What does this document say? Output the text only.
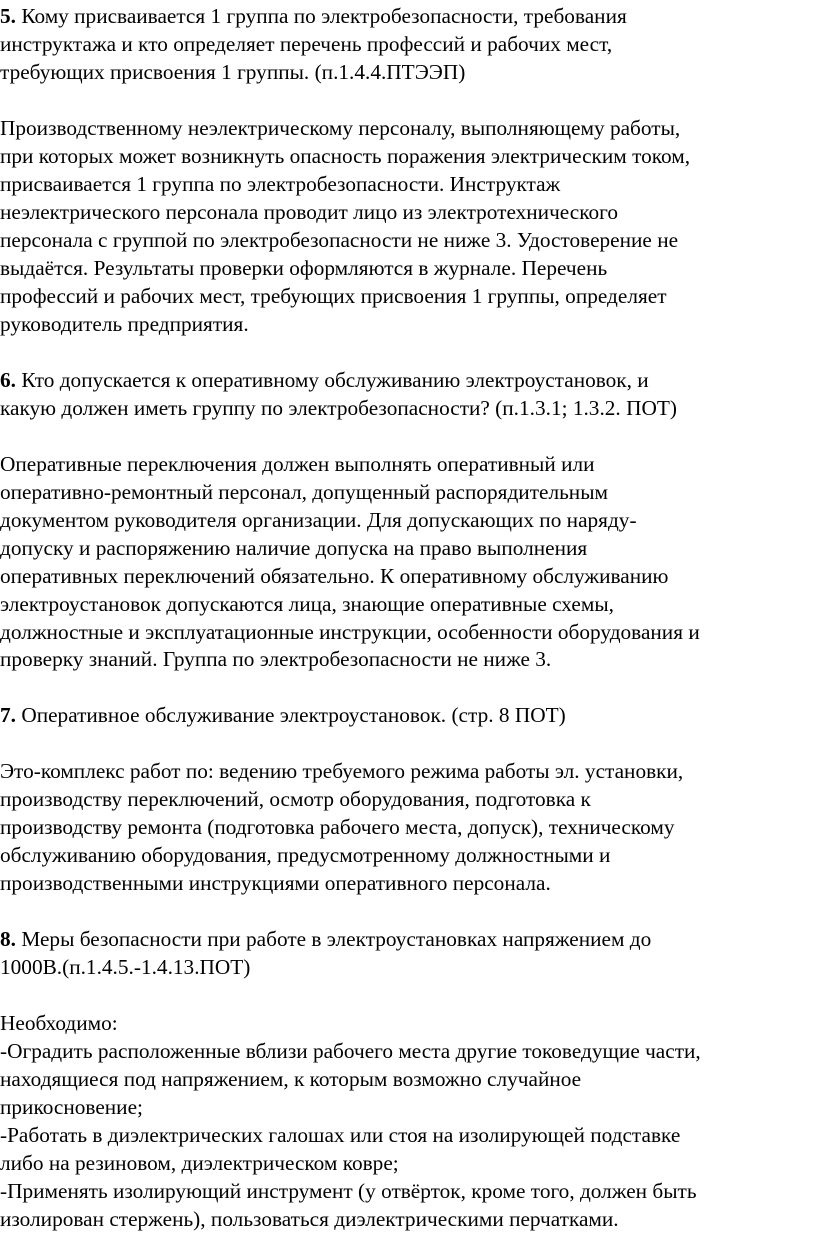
5. Кому присваивается 1 группа по электробезопасности, требования
инструктажа и кто определяет перечень профессий и рабочих мест,
требующих присвоения 1 группы. (п.1.4.4.ПТЭЭП)
Производственному неэлектрическому персоналу, выполняющему работы,
при которых может возникнуть опасность поражения электрическим током,
присваивается 1 группа по электробезопасности. Инструктаж
неэлектрического персонала проводит лицо из электротехнического
персонала с группой по электробезопасности не ниже 3. Удостоверение не
выдаётся. Результаты проверки оформляются в журнале. Перечень
профессий и рабочих мест, требующих присвоения 1 группы, определяет
руководитель предприятия.
6. Кто допускается к оперативному обслуживанию электроустановок, и
какую должен иметь группу по электробезопасности? (п.1.3.1; 1.3.2. ПОТ)
Оперативные переключения должен выполнять оперативный или
оперативно-ремонтный персонал, допущенный распорядительным
документом руководителя организации. Для допускающих по наряду-
допуску и распоряжению наличие допуска на право выполнения
оперативных переключений обязательно. К оперативному обслуживанию
электроустановок допускаются лица, знающие оперативные схемы,
должностные и эксплуатационные инструкции, особенности оборудования и
проверку знаний. Группа по электробезопасности не ниже 3.
7. Оперативное обслуживание электроустановок. (стр. 8 ПОТ)
Это-комплекс работ по: ведению требуемого режима работы эл. установки,
производству переключений, осмотр оборудования, подготовка к
производству ремонта (подготовка рабочего места, допуск), техническому
обслуживанию оборудования, предусмотренному должностными и
производственными инструкциями оперативного персонала.
8. Меры безопасности при работе в электроустановках напряжением до
1000В.(п.1.4.5.-1.4.13.ПОТ)
Необходимо:
-Оградить расположенные вблизи рабочего места другие токоведущие части,
находящиеся под напряжением, к которым возможно случайное
прикосновение;
-Работать в диэлектрических галошах или стоя на изолирующей подставке
либо на резиновом, диэлектрическом ковре;
-Применять изолирующий инструмент (у отвёрток, кроме того, должен быть
изолирован стержень), пользоваться диэлектрическими перчатками.
